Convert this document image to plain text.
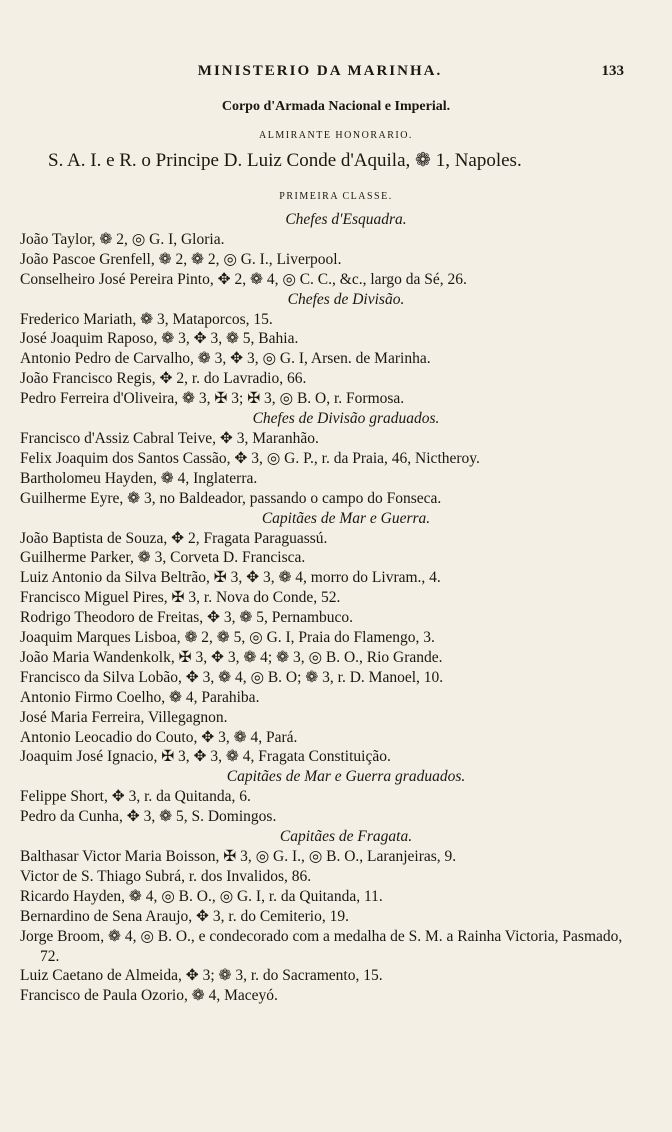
MINISTERIO DA MARINHA.	133
Corpo d'Armada Nacional e Imperial.
ALMIRANTE HONORARIO.
S. A. I. e R. o Principe D. Luiz Conde d'Aquila, ❁ 1, Napoles.
PRIMEIRA CLASSE.
Chefes d'Esquadra.
João Taylor, ❁ 2, ◎ G. I, Gloria.
João Pascoe Grenfell, ❁ 2, ❁ 2, ◎ G. I., Liverpool.
Conselheiro José Pereira Pinto, ✥ 2, ❁ 4, ◎ C. C., &c., largo da Sé, 26.
Chefes de Divisão.
Frederico Mariath, ❁ 3, Mataporcos, 15.
José Joaquim Raposo, ❁ 3, ✥ 3, ❁ 5, Bahia.
Antonio Pedro de Carvalho, ❁ 3, ✥ 3, ◎ G. I, Arsen. de Marinha.
João Francisco Regis, ✥ 2, r. do Lavradio, 66.
Pedro Ferreira d'Oliveira, ❁ 3, ✠ 3; ✠ 3, ◎ B. O, r. Formosa.
Chefes de Divisão graduados.
Francisco d'Assiz Cabral Teive, ✥ 3, Maranhão.
Felix Joaquim dos Santos Cassão, ✥ 3, ◎ G. P., r. da Praia, 46, Nictheroy.
Bartholomeu Hayden, ❁ 4, Inglaterra.
Guilherme Eyre, ❁ 3, no Baldeador, passando o campo do Fonseca.
Capitães de Mar e Guerra.
João Baptista de Souza, ✥ 2, Fragata Paraguassú.
Guilherme Parker, ❁ 3, Corveta D. Francisca.
Luiz Antonio da Silva Beltrão, ✠ 3, ✥ 3, ❁ 4, morro do Livram., 4.
Francisco Miguel Pires, ✠ 3, r. Nova do Conde, 52.
Rodrigo Theodoro de Freitas, ✥ 3, ❁ 5, Pernambuco.
Joaquim Marques Lisboa, ❁ 2, ❁ 5, ◎ G. I, Praia do Flamengo, 3.
João Maria Wandenkolk, ✠ 3, ✥ 3, ❁ 4; ❁ 3, ◎ B. O., Rio Grande.
Francisco da Silva Lobão, ✥ 3, ❁ 4, ◎ B. O; ❁ 3, r. D. Manoel, 10.
Antonio Firmo Coelho, ❁ 4, Parahiba.
José Maria Ferreira, Villegagnon.
Antonio Leocadio do Couto, ✥ 3, ❁ 4, Pará.
Joaquim José Ignacio, ✠ 3, ✥ 3, ❁ 4, Fragata Constituição.
Capitães de Mar e Guerra graduados.
Felippe Short, ✥ 3, r. da Quitanda, 6.
Pedro da Cunha, ✥ 3, ❁ 5, S. Domingos.
Capitães de Fragata.
Balthasar Victor Maria Boisson, ✠ 3, ◎ G. I., ◎ B. O., Laranjeiras, 9.
Victor de S. Thiago Subrá, r. dos Invalidos, 86.
Ricardo Hayden, ❁ 4, ◎ B. O., ◎ G. I, r. da Quitanda, 11.
Bernardino de Sena Araujo, ✥ 3, r. do Cemiterio, 19.
Jorge Broom, ❁ 4, ◎ B. O., e condecorado com a medalha de S. M. a Rainha Victoria, Pasmado, 72.
Luiz Caetano de Almeida, ✥ 3; ❁ 3, r. do Sacramento, 15.
Francisco de Paula Ozorio, ❁ 4, Maceyó.
